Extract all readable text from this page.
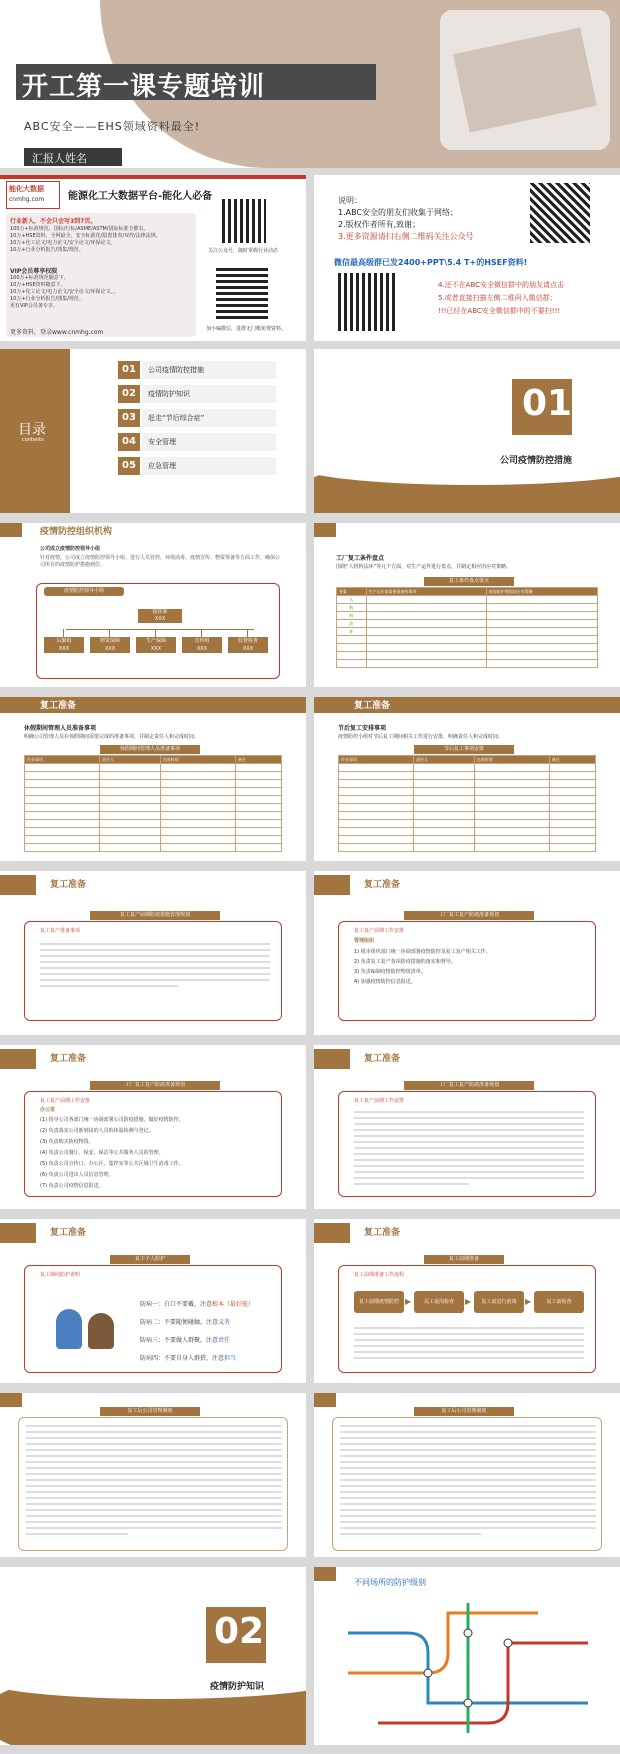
开工第一课专题培训
ABC安全——EHS领域资料最全!
汇报人姓名
能化大数据
cnmhg.com 能源化工大数据平台-能化人必备
行业新人，不会只会写3到7页。
100万+标准规范、国标/行标/ASME/ASTM/国际标准全都有。
10万+HSE资料，全网最全、安全标准化/隐患排查/双控/法律法规。
10万+化工论文/电力论文/安全论文/环保论文。
10万+行业分析报告/图集/规范。
VIP会员尊享权限
100万+标准规范随意下。
10万+HSE资料随意下。
10万+化工论文/电力论文/安全论文/环保论文。。
10万+行业分析报告/图集/规范。
更有VIP会员备专享。
更多资料，登录www.cnmhg.com
关注公众号，随时掌握行业动态
加小编微信，进群无门槛免费资料。
说明：
1.ABC安全的朋友们收集于网络；
2.版权作者所有,致谢；
3.更多资源请扫右侧二维码关注公众号
微信最高级群已发2400+PPT\5.4 T+的HSEF资料!
4.还不在ABC安全微信群中的朋友请点击
5.或者直接扫描左侧二维码入微信群；
!!!已经在ABC安全微信群中的不要扫!!!
目录
contents
01	公司疫情防控措施
02	疫情防护知识
03	赶走“节后综合症”
04	安全管理
05	应急管理
01
公司疫情防控措施
疫情防控组织机构
公司成立疫情防控领导小组
针对疫情，公司成立疫情防控领导小组、进行人员管控、环境消毒、疫情宣传、物资筹备等方面工作，确保公司所有的疫情防护措施到位。
疫情防控领导小组
指挥部
XXX
后勤组
XXX
物资保障
XXX
生产保障
XXX
宣传组
XXX
监督检查
XXX
工厂复工条件盘点
围绕“人机料法环”等几个方面，对生产运作进行盘点，并制定相应的应对策略。
复工条件盘点要点
要素	生产运作前需要准备的事项	疫情防护期间的应对策略
人		
机		
料		
法		
环		

复工准备
休假期间管理人员准备事项
明确公司管理人员在休假期间需要完成的准备事项，并制定责任人和完成时间。
休假期间管理人员准备事项
作业事项	责任人	完成时间	备注

复工准备
节后复工安排事项
疫情防控小组对节后复工期间相关工作进行安排，明确责任人和完成时间。
节后复工事项安排
作业事项	责任人	完成时间	备注

复工准备
复工复产前期防疫措施管理规划
复工复产准备事项
复工准备
工厂复工复产防疫准备规划
复工复产前期工作安排
管理组织
1) 根本组织部门统一协调部署疫情防控及复工复产相关工作。
2) 负责复工复产各项防疫措施的落实和督导。
3) 负责编制疫情防控物资清单。
4) 加强疫情防控信息报送。
复工准备
工厂复工复产防疫准备规划
复工复产前期工作安排
办公室
(1) 指导公司各部门统一协调部署公司防疫措施，做好疫情防控。
(2) 负责落实公司新到岗的人员的体温检测与登记。
(3) 负责购买防疫物资。
(4) 负责公司餐厅、保安、保洁等公共服务人员的管理。
(5) 负责公司宣传口、办公区、集控室等公共区域卫生消毒工作。
(6) 负责公司进出人员信息管理。
(7) 负责公司疫情信息报送。
复工准备
工厂复工复产防疫准备规划
复工复产前期工作安排
复工准备
复工个人防护
复工期间防护说明
防病一：白口不要戴，注意根本（最好能）
防病二：不要随便碰触，注意义务
防病三：不要做人群聚，注意责任
防病四：不要自身人群搭，注意担当
复工准备
复工前期准备
复工前期准备工作流程
复工前期疫情防控 ▶	员工返岗检查	▶	复工前进行消毒	▶	复工前检查
复工后公司管理制度	复工后公司管理制度
02
疫情防护知识
不同场所的防护级别
